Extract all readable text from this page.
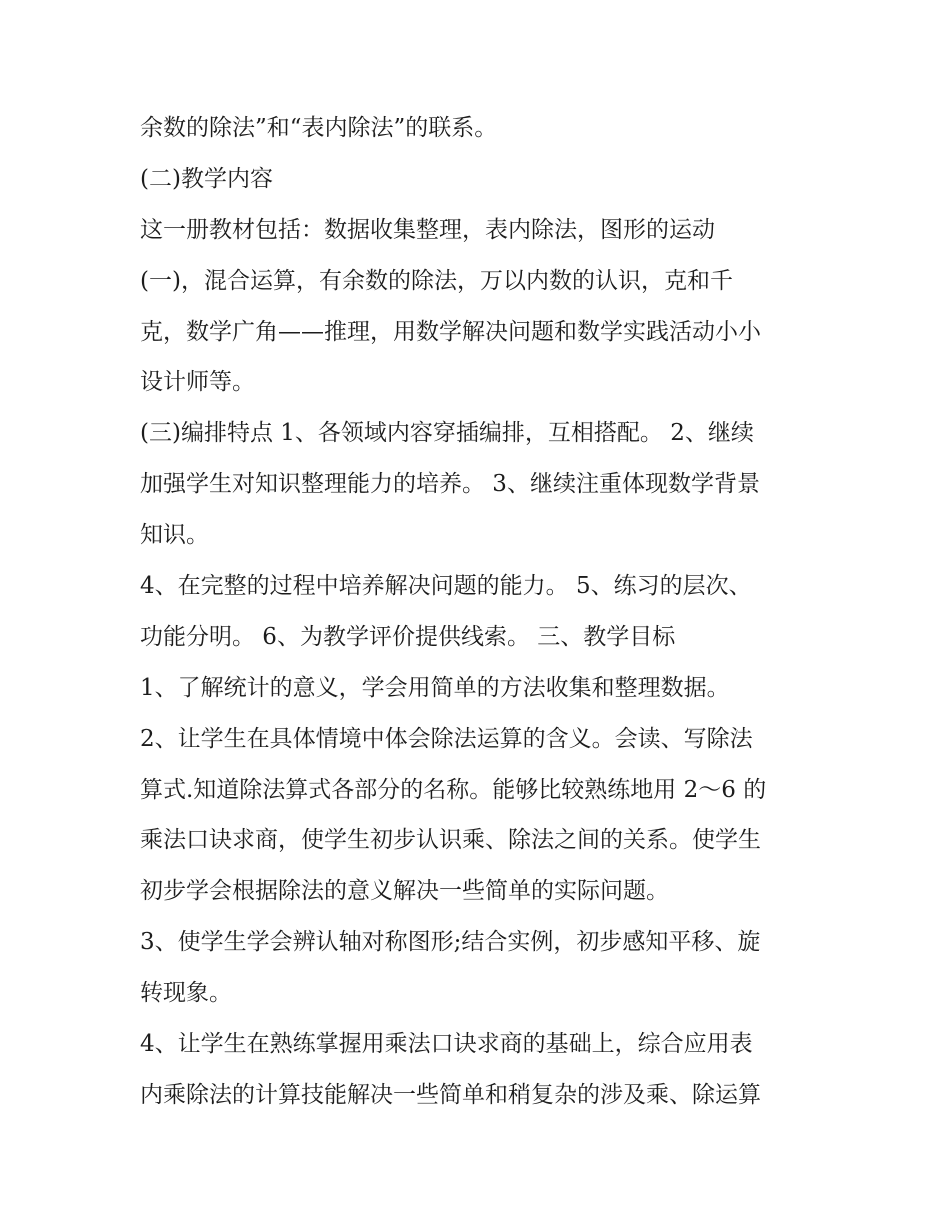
余数的除法”和“表内除法”的联系。
(二)教学内容
这一册教材包括：数据收集整理，表内除法，图形的运动
(一)，混合运算，有余数的除法，万以内数的认识，克和千
克，数学广角——推理，用数学解决问题和数学实践活动小小
设计师等。
(三)编排特点 1、各领域内容穿插编排，互相搭配。 2、继续
加强学生对知识整理能力的培养。 3、继续注重体现数学背景
知识。
4、在完整的过程中培养解决问题的能力。 5、练习的层次、
功能分明。 6、为教学评价提供线索。 三、教学目标
1、了解统计的意义，学会用简单的方法收集和整理数据。
2、让学生在具体情境中体会除法运算的含义。会读、写除法
算式.知道除法算式各部分的名称。能够比较熟练地用 2～6 的
乘法口诀求商，使学生初步认识乘、除法之间的关系。使学生
初步学会根据除法的意义解决一些简单的实际问题。
3、使学生学会辨认轴对称图形;结合实例，初步感知平移、旋
转现象。
4、让学生在熟练掌握用乘法口诀求商的基础上，综合应用表
内乘除法的计算技能解决一些简单和稍复杂的涉及乘、除运算
